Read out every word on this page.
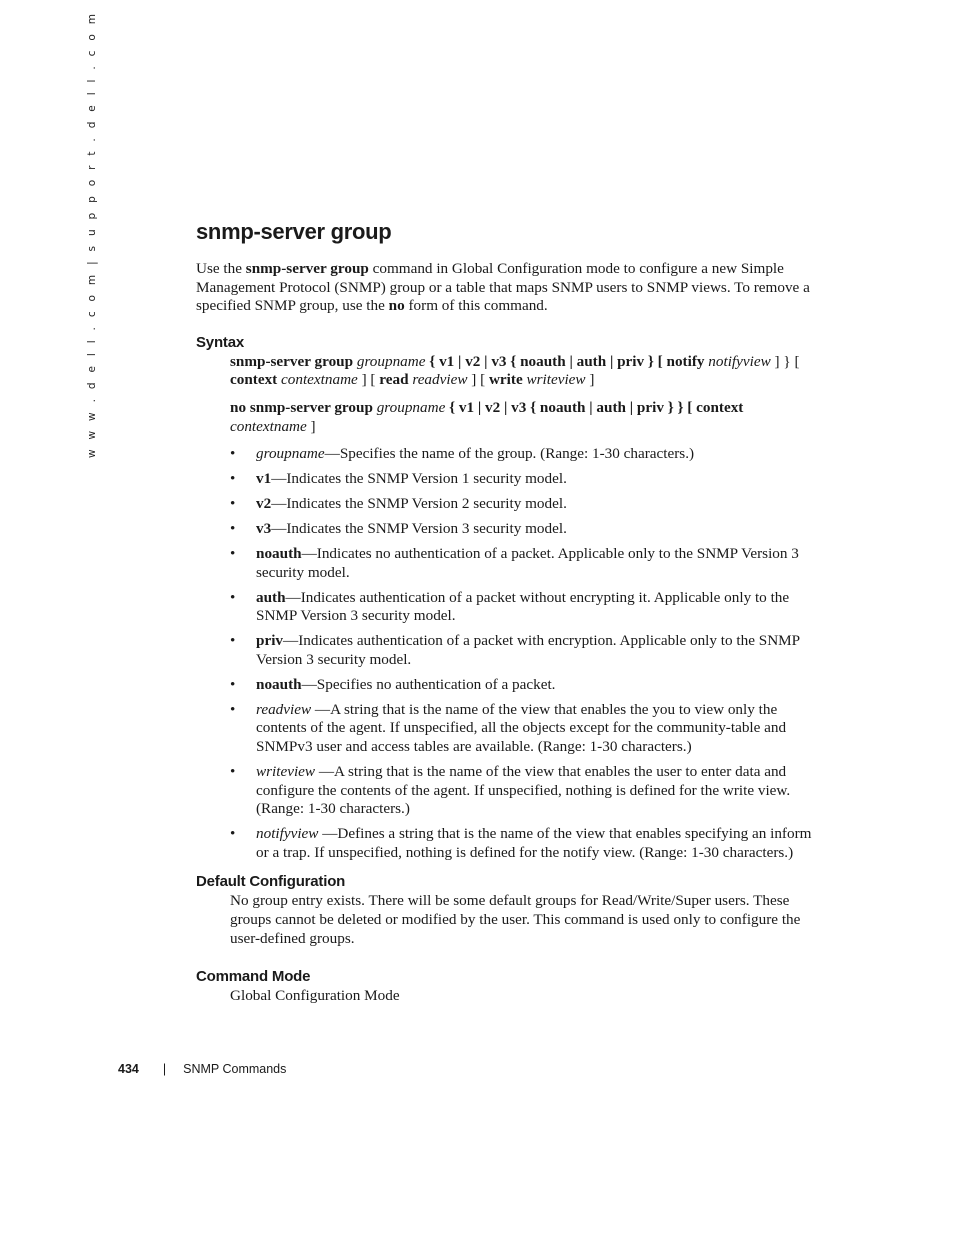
w w w . d e l l . c o m | s u p p o r t . d e l l . c o m	snmp-server group

Use the snmp-server group command in Global Configuration mode to configure a new Simple Management Protocol (SNMP) group or a table that maps SNMP users to SNMP views. To remove a specified SNMP group, use the no form of this command.

Syntax

snmp-server group groupname { v1 | v2 | v3 { noauth | auth | priv } [ notify notifyview ] } [ context contextname ] [ read readview ] [ write writeview ]

no snmp-server group groupname { v1 | v2 | v3 { noauth | auth | priv } } [ context contextname ]

• groupname—Specifies the name of the group. (Range: 1-30 characters.)
• v1—Indicates the SNMP Version 1 security model.
• v2—Indicates the SNMP Version 2 security model.
• v3—Indicates the SNMP Version 3 security model.
• noauth—Indicates no authentication of a packet. Applicable only to the SNMP Version 3 security model.
• auth—Indicates authentication of a packet without encrypting it. Applicable only to the SNMP Version 3 security model.
• priv—Indicates authentication of a packet with encryption. Applicable only to the SNMP Version 3 security model.
• noauth—Specifies no authentication of a packet.
• readview —A string that is the name of the view that enables the you to view only the contents of the agent. If unspecified, all the objects except for the community-table and SNMPv3 user and access tables are available. (Range: 1-30 characters.)
• writeview —A string that is the name of the view that enables the user to enter data and configure the contents of the agent. If unspecified, nothing is defined for the write view. (Range: 1-30 characters.)
• notifyview —Defines a string that is the name of the view that enables specifying an inform or a trap. If unspecified, nothing is defined for the notify view. (Range: 1-30 characters.)
Default Configuration

No group entry exists. There will be some default groups for Read/Write/Super users. These groups cannot be deleted or modified by the user. This command is used only to configure the user-defined groups.

Command Mode

Global Configuration Mode

434 | SNMP Commands
